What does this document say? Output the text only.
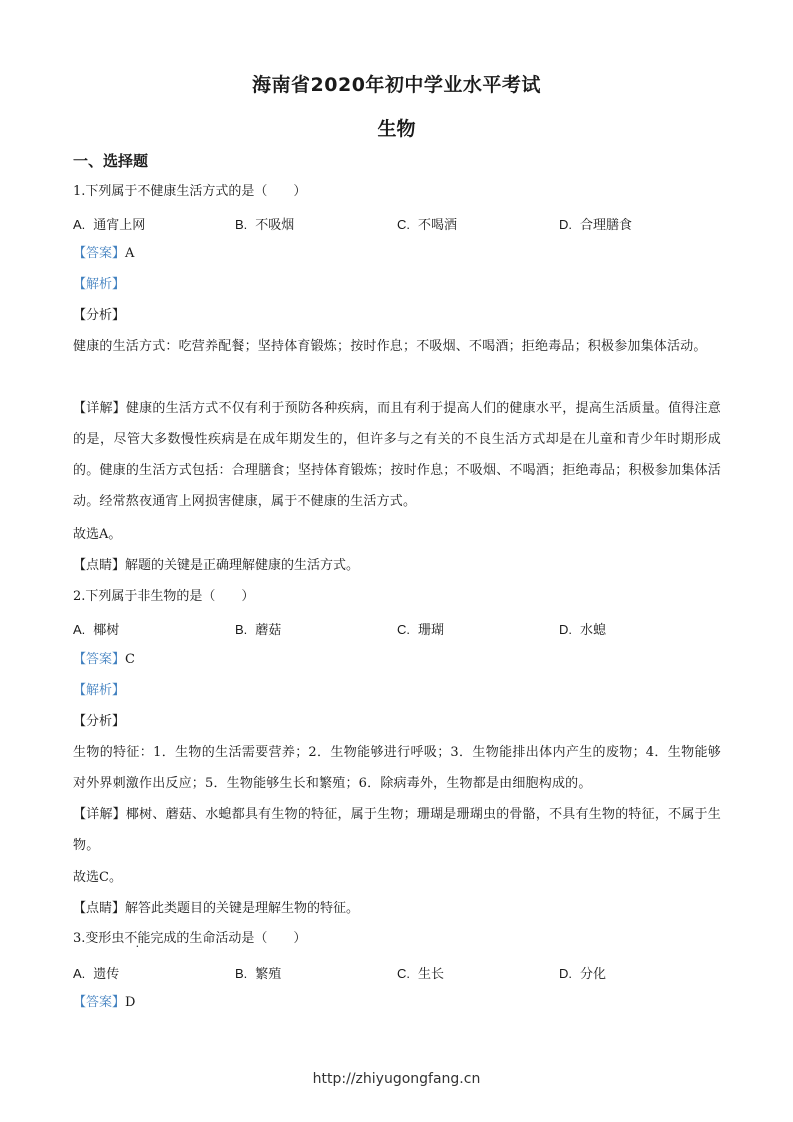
海南省2020年初中学业水平考试
生物
一、选择题
1.下列属于不健康生活方式的是（　　）
A. 通宵上网	B. 不吸烟	C. 不喝酒	D. 合理膳食
【答案】A
【解析】
【分析】
健康的生活方式：吃营养配餐；坚持体育锻炼；按时作息；不吸烟、不喝酒；拒绝毒品；积极参加集体活动。
【详解】健康的生活方式不仅有利于预防各种疾病，而且有利于提高人们的健康水平，提高生活质量。值得注意的是，尽管大多数慢性疾病是在成年期发生的，但许多与之有关的不良生活方式却是在儿童和青少年时期形成的。健康的生活方式包括：合理膳食；坚持体育锻炼；按时作息；不吸烟、不喝酒；拒绝毒品；积极参加集体活动。经常熬夜通宵上网损害健康，属于不健康的生活方式。
故选A。
【点睛】解题的关键是正确理解健康的生活方式。
2.下列属于非生物的是（　　）
A. 椰树	B. 蘑菇	C. 珊瑚	D. 水螅
【答案】C
【解析】
【分析】
生物的特征：1．生物的生活需要营养；2．生物能够进行呼吸；3．生物能排出体内产生的废物；4．生物能够对外界刺激作出反应；5．生物能够生长和繁殖；6．除病毒外，生物都是由细胞构成的。
【详解】椰树、蘑菇、水螅都具有生物的特征，属于生物；珊瑚是珊瑚虫的骨骼，不具有生物的特征，不属于生物。
故选C。
【点睛】解答此类题目的关键是理解生物的特征。
3.变形虫不能完成的生命活动是（　　）
A. 遗传	B. 繁殖	C. 生长	D. 分化
【答案】D
http://zhiyugongfang.cn
